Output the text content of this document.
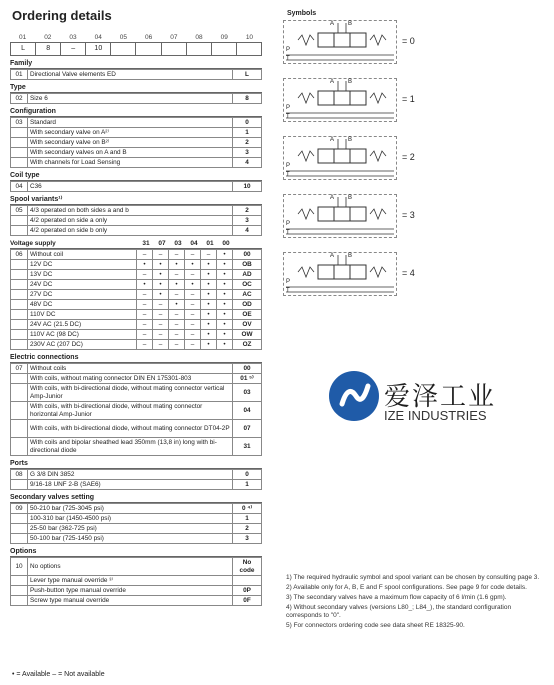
Ordering details
01	02	03	04	05	06	07	08	09	10
L	8	–	10
Family
01	Directional Valve elements ED	L
Type
02	Size 6	8
Configuration
03	Standard	0
	With secondary valve on A²⁾	1
	With secondary valve on B²⁾	2
	With secondary valves on A and B	3
	With channels for Load Sensing	4
Coil type
04	C36	10
Spool variants¹⁾
05	4/3 operated on both sides a and b	2
	4/2 operated on side a only	3
	4/2 operated on side b only	4
Voltage supply	31	07	03	04	01	00
06	Without coil	–	–	–	–	–	•	00
	12V DC	•	•	•	•	•	•	OB
	13V DC	–	•	–	–	•	•	AD
	24V DC	•	•	•	•	•	•	OC
	27V DC	–	•	–	–	•	•	AC
	48V DC	–	–	•	–	•	•	OD
	110V DC	–	–	–	–	•	•	OE
	24V AC (21.5 DC)	–	–	–	–	•	•	OV
	110V AC (98 DC)	–	–	–	–	•	•	OW
	230V AC (207 DC)	–	–	–	–	•	•	OZ
Electric connections
07	Without coils	00
	With coils, without mating connector DIN EN 175301-803	01 ⁵⁾
	With coils, with bi-directional diode, without mating connector vertical Amp-Junior	03
	With coils, with bi-directional diode, without mating connector horizontal Amp-Junior	04
	With coils, with bi-directional diode, without mating connector DT04-2P	07
	With coils and bipolar sheathed lead 350mm (13,8 in) long with bi-directional diode	31
Ports
08	G 3/8 DIN 3852	0
	9/16-18 UNF 2-B (SAE6)	1
Secondary valves setting
09	50-210 bar (725-3045 psi)	0 ⁴⁾
	100-310 bar (1450-4500 psi)	1
	25-50 bar (362-725 psi)	2
	50-100 bar (725-1450 psi)	3
Options
10	No options	No code
	Lever type manual override ³⁾	
	Push-button type manual override	0P
	Screw type manual override	0F
• = Available – = Not available
Symbols
A B
P
T
= 0
A B
P
T
= 1
A B
P
T
= 2
A B
P
T
= 3
A B
P
T
= 4
爱泽工业
IZE INDUSTRIES
1) The required hydraulic symbol and spool variant can be chosen by consulting page 3.
2) Available only for A, B, E and F spool configurations. See page 9 for code details.
3) The secondary valves have a maximum flow capacity of 6 l/min (1.6 gpm).
4) Without secondary valves (versions L80_; L84_), the standard configuration corresponds to "0".
5) For connectors ordering code see data sheet RE 18325-90.
